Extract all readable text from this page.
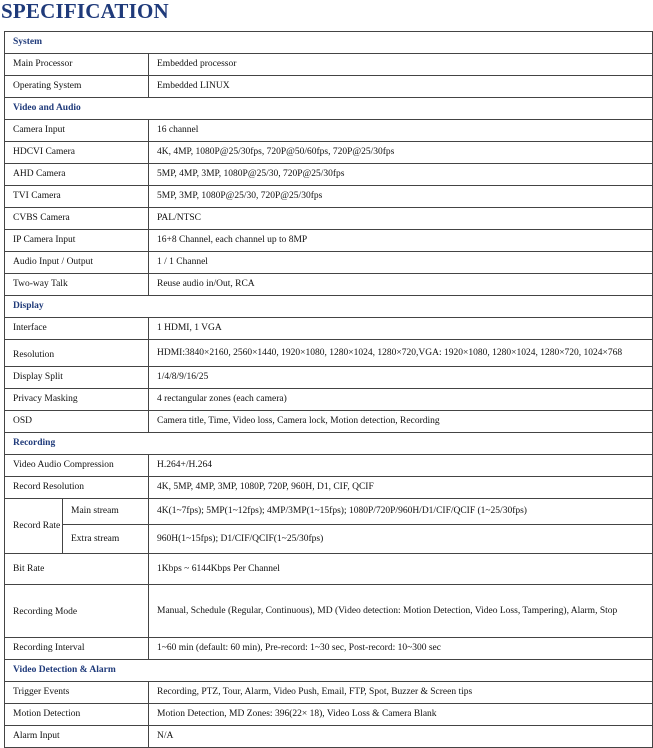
SPECIFICATION
System		
Main Processor		Embedded processor
Operating System		Embedded LINUX
Video and Audio		
Camera Input		16 channel
HDCVI Camera		4K, 4MP, 1080P@25/30fps, 720P@50/60fps, 720P@25/30fps
AHD Camera		5MP, 4MP, 3MP, 1080P@25/30, 720P@25/30fps
TVI Camera		5MP, 3MP, 1080P@25/30, 720P@25/30fps
CVBS Camera		PAL/NTSC
IP Camera Input		16+8 Channel, each channel up to 8MP
Audio Input / Output		1 / 1 Channel
Two-way Talk		Reuse audio in/Out, RCA
Display		
Interface		1 HDMI, 1 VGA
Resolution		HDMI:3840×2160, 2560×1440, 1920×1080, 1280×1024, 1280×720,VGA: 1920×1080, 1280×1024, 1280×720, 1024×768
Display Split		1/4/8/9/16/25
Privacy Masking		4 rectangular zones (each camera)
OSD		Camera title, Time, Video loss, Camera lock, Motion detection, Recording
Recording		
Video Audio Compression		H.264+/H.264
Record Resolution		4K, 5MP, 4MP, 3MP, 1080P, 720P, 960H, D1, CIF, QCIF
Record Rate	Main stream	4K(1~7fps); 5MP(1~12fps); 4MP/3MP(1~15fps); 1080P/720P/960H/D1/CIF/QCIF (1~25/30fps)
	Extra stream	960H(1~15fps); D1/CIF/QCIF(1~25/30fps)
Bit Rate		1Kbps ~ 6144Kbps Per Channel
Recording Mode		Manual, Schedule (Regular, Continuous), MD (Video detection: Motion Detection, Video Loss, Tampering), Alarm, Stop
Recording Interval		1~60 min (default: 60 min), Pre-record: 1~30 sec, Post-record: 10~300 sec
Video Detection & Alarm		
Trigger Events		Recording, PTZ, Tour, Alarm, Video Push, Email, FTP, Spot, Buzzer & Screen tips
Motion Detection		Motion Detection, MD Zones: 396(22× 18), Video Loss & Camera Blank
Alarm Input		N/A
